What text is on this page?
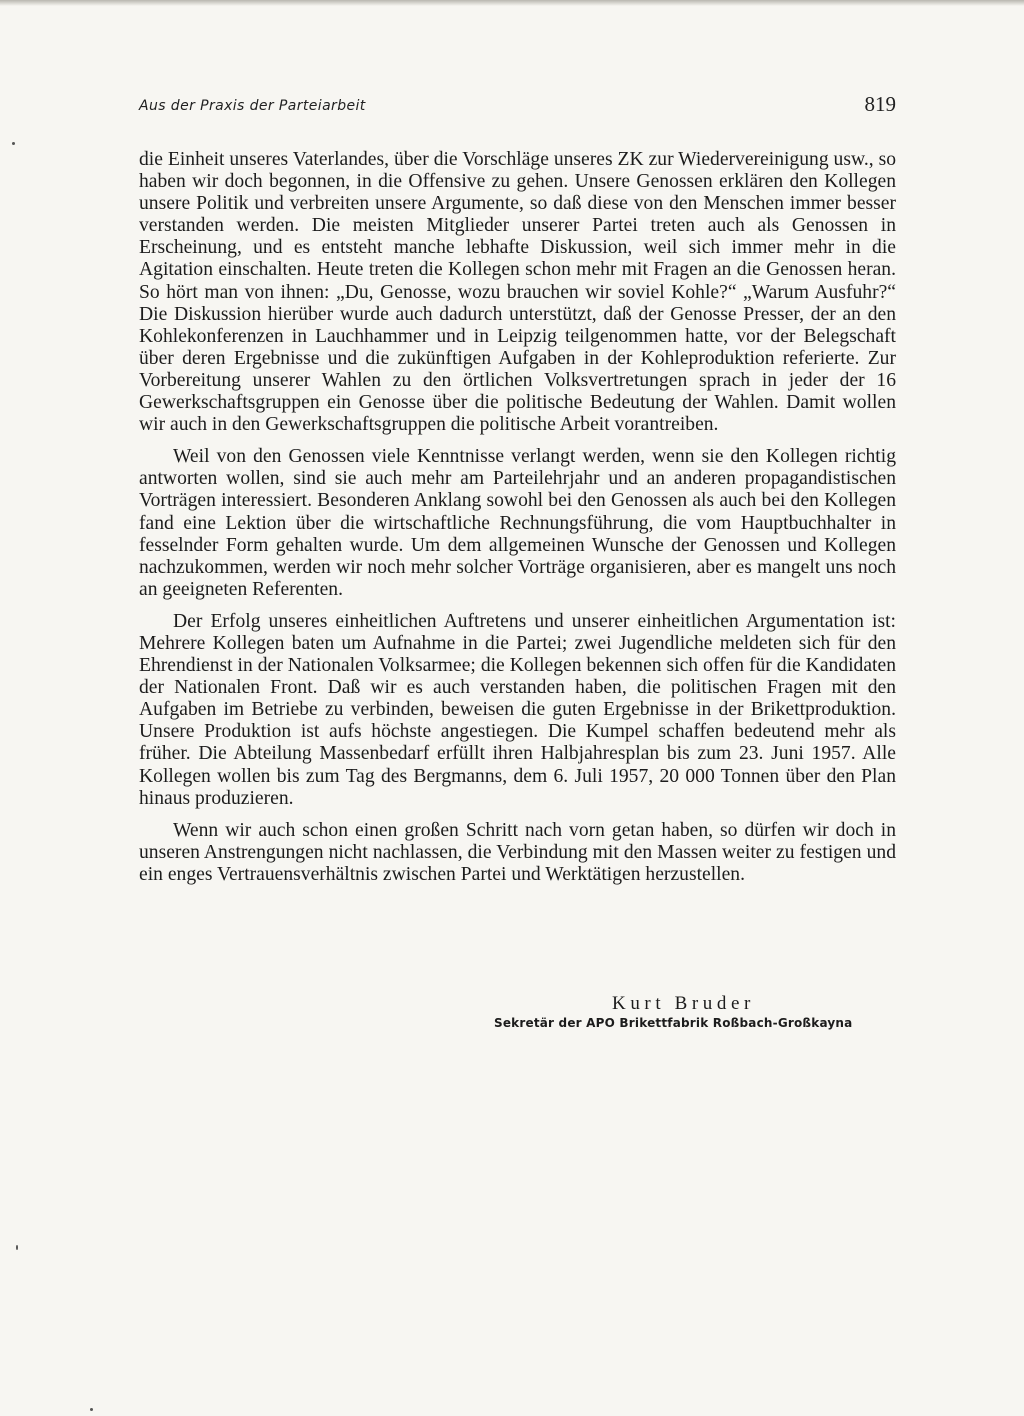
Aus der Praxis der Parteiarbeit	819

die Einheit unseres Vaterlandes, über die Vorschläge unseres ZK zur Wiedervereinigung usw., so haben wir doch begonnen, in die Offensive zu gehen. Unsere Genossen erklären den Kollegen unsere Politik und verbreiten unsere Argumente, so daß diese von den Menschen immer besser verstanden werden. Die meisten Mitglieder unserer Partei treten auch als Genossen in Erscheinung, und es entsteht manche lebhafte Diskussion, weil sich immer mehr in die Agitation einschalten. Heute treten die Kollegen schon mehr mit Fragen an die Genossen heran. So hört man von ihnen: „Du, Genosse, wozu brauchen wir soviel Kohle?“ „Warum Ausfuhr?“ Die Diskussion hierüber wurde auch dadurch unterstützt, daß der Genosse Presser, der an den Kohlekonferenzen in Lauchhammer und in Leipzig teilgenommen hatte, vor der Belegschaft über deren Ergebnisse und die zukünftigen Aufgaben in der Kohleproduktion referierte. Zur Vorbereitung unserer Wahlen zu den örtlichen Volksvertretungen sprach in jeder der 16 Gewerkschaftsgruppen ein Genosse über die politische Bedeutung der Wahlen. Damit wollen wir auch in den Gewerkschaftsgruppen die politische Arbeit vorantreiben.

Weil von den Genossen viele Kenntnisse verlangt werden, wenn sie den Kollegen richtig antworten wollen, sind sie auch mehr am Parteilehrjahr und an anderen propagandistischen Vorträgen interessiert. Besonderen Anklang sowohl bei den Genossen als auch bei den Kollegen fand eine Lektion über die wirtschaftliche Rechnungsführung, die vom Hauptbuchhalter in fesselnder Form gehalten wurde. Um dem allgemeinen Wunsche der Genossen und Kollegen nachzukommen, werden wir noch mehr solcher Vorträge organisieren, aber es mangelt uns noch an geeigneten Referenten.

Der Erfolg unseres einheitlichen Auftretens und unserer einheitlichen Argumentation ist: Mehrere Kollegen baten um Aufnahme in die Partei; zwei Jugendliche meldeten sich für den Ehrendienst in der Nationalen Volksarmee; die Kollegen bekennen sich offen für die Kandidaten der Nationalen Front. Daß wir es auch verstanden haben, die politischen Fragen mit den Aufgaben im Betriebe zu verbinden, beweisen die guten Ergebnisse in der Brikettproduktion. Unsere Produktion ist aufs höchste angestiegen. Die Kumpel schaffen bedeutend mehr als früher. Die Abteilung Massenbedarf erfüllt ihren Halbjahresplan bis zum 23. Juni 1957. Alle Kollegen wollen bis zum Tag des Bergmanns, dem 6. Juli 1957, 20 000 Tonnen über den Plan hinaus produzieren.

Wenn wir auch schon einen großen Schritt nach vorn getan haben, so dürfen wir doch in unseren Anstrengungen nicht nachlassen, die Verbindung mit den Massen weiter zu festigen und ein enges Vertrauensverhältnis zwischen Partei und Werktätigen herzustellen.

Kurt Bruder
Sekretär der APO Brikettfabrik Roßbach-Großkayna
